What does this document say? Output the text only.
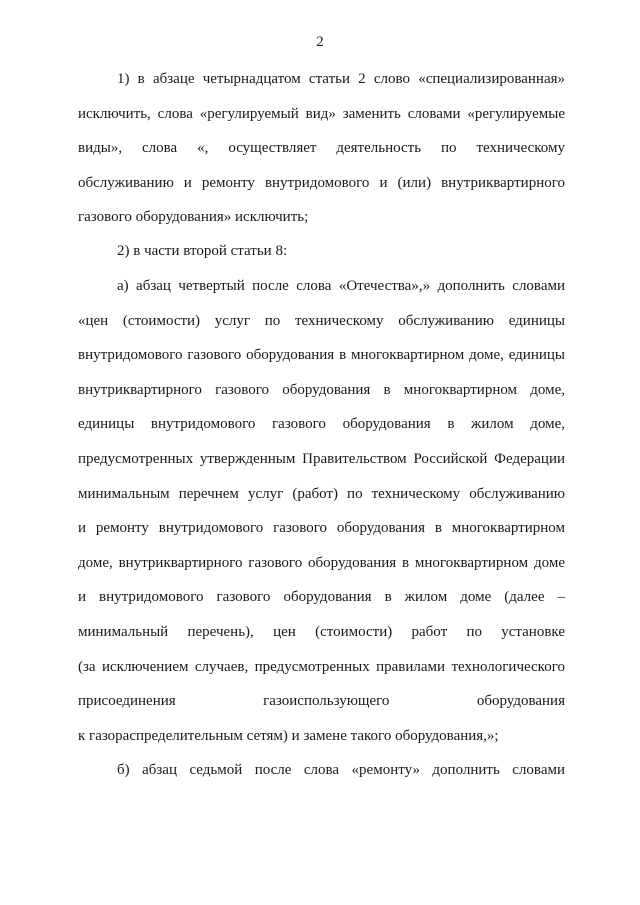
2
1) в абзаце четырнадцатом статьи 2 слово «специализированная»
исключить, слова «регулируемый вид» заменить словами «регулируемые
виды», слова «, осуществляет деятельность по техническому
обслуживанию и ремонту внутридомового и (или) внутриквартирного
газового оборудования» исключить;
2) в части второй статьи 8:
а) абзац четвертый после слова «Отечества»,» дополнить словами
«цен (стоимости) услуг по техническому обслуживанию единицы
внутридомового газового оборудования в многоквартирном доме, единицы
внутриквартирного газового оборудования в многоквартирном доме,
единицы внутридомового газового оборудования в жилом доме,
предусмотренных утвержденным Правительством Российской Федерации
минимальным перечнем услуг (работ) по техническому обслуживанию
и ремонту внутридомового газового оборудования в многоквартирном
доме, внутриквартирного газового оборудования в многоквартирном доме
и внутридомового газового оборудования в жилом доме (далее –
минимальный перечень), цен (стоимости) работ по установке
(за исключением случаев, предусмотренных правилами технологического
присоединения газоиспользующего оборудования
к газораспределительным сетям) и замене такого оборудования,»;
б) абзац седьмой после слова «ремонту» дополнить словами
